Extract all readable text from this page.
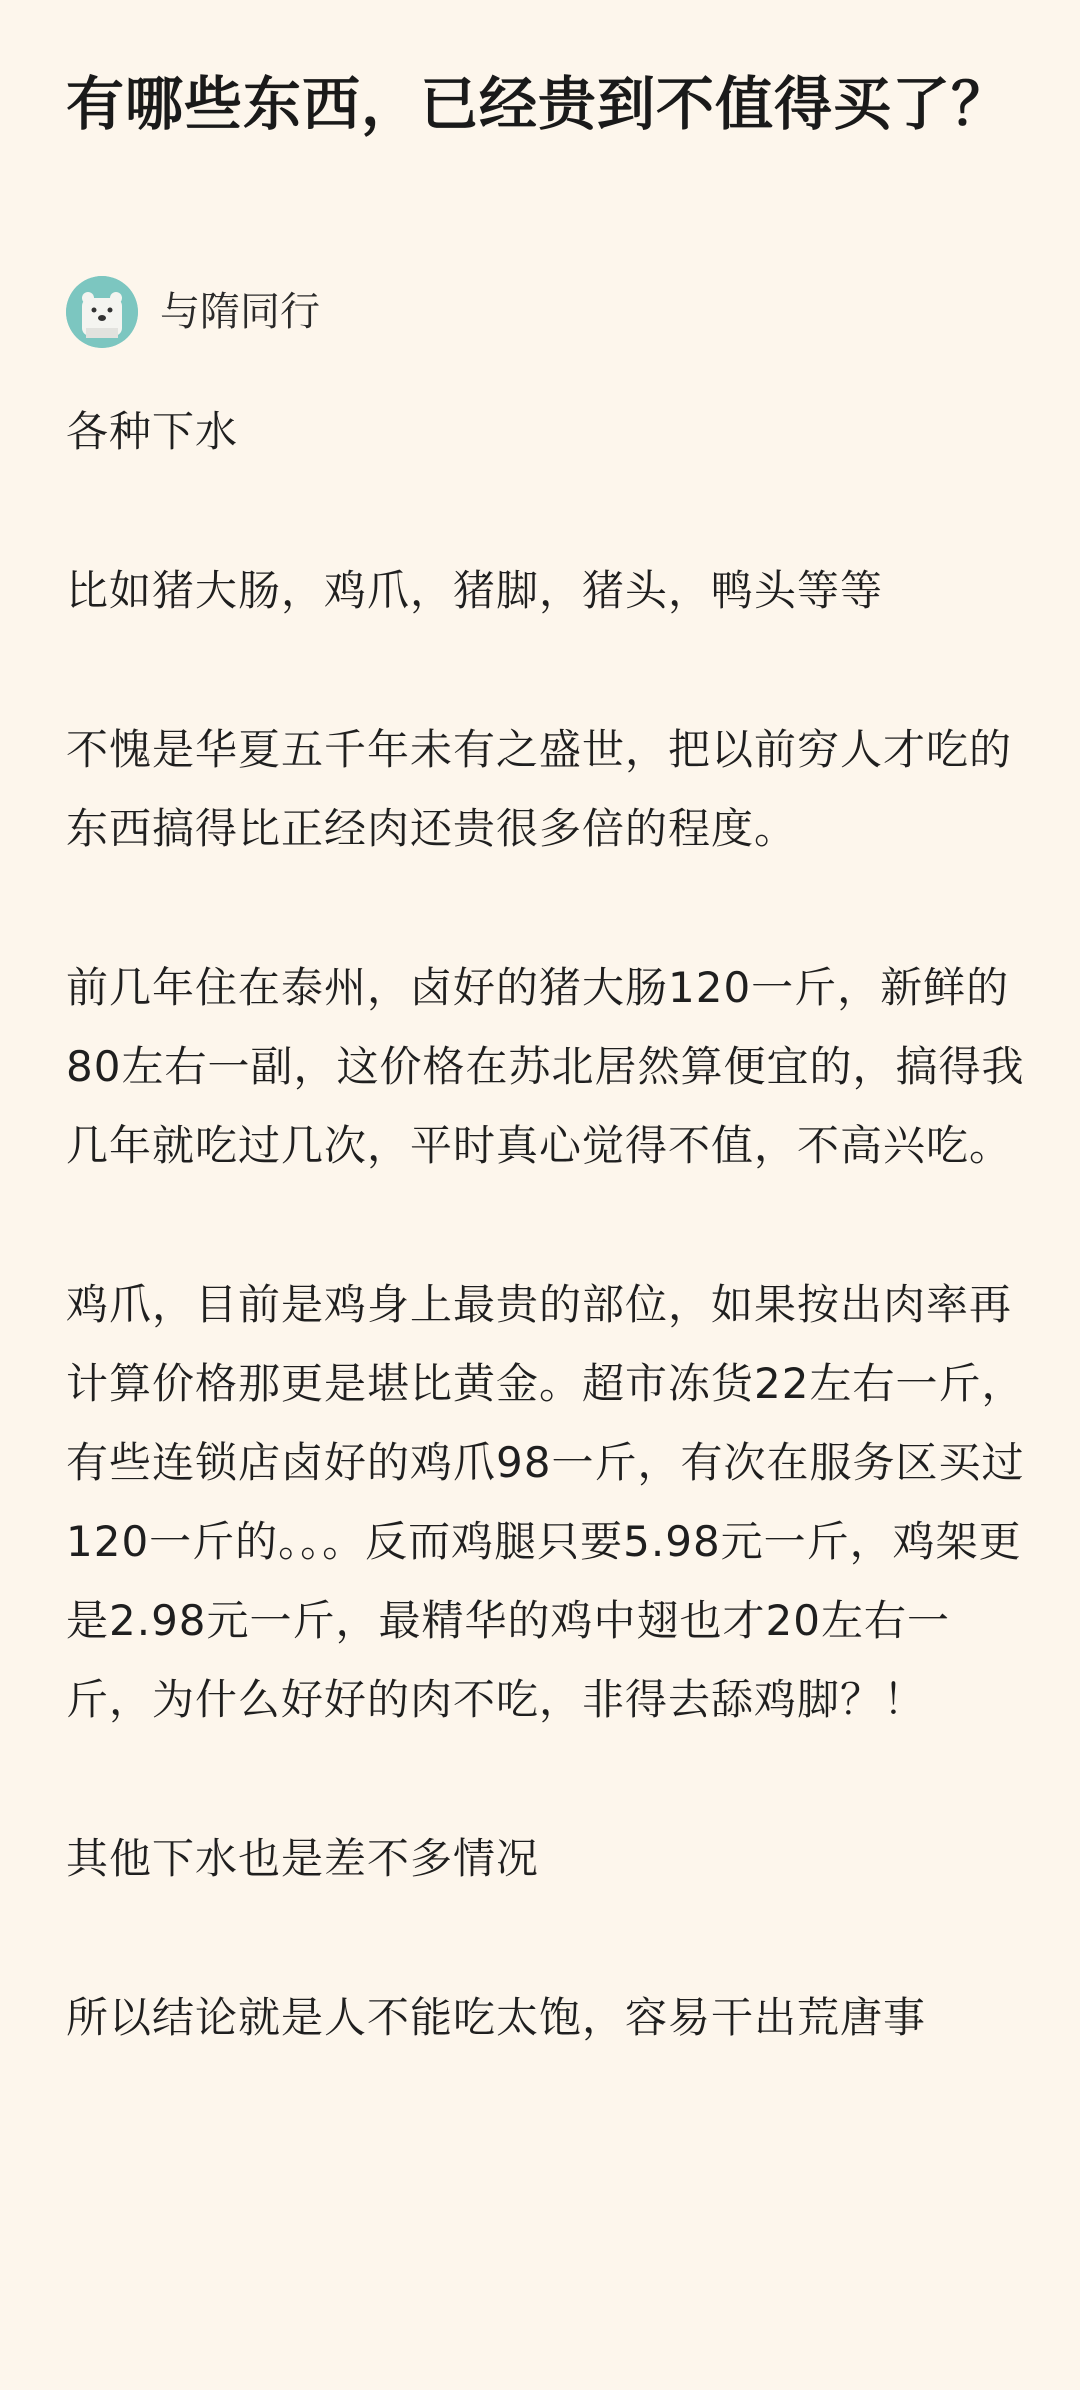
有哪些东西，已经贵到不值得买了？
与隋同行

各种下水

比如猪大肠，鸡爪，猪脚，猪头，鸭头等等

不愧是华夏五千年未有之盛世，把以前穷人才吃的东西搞得比正经肉还贵很多倍的程度。

前几年住在泰州，卤好的猪大肠120一斤，新鲜的80左右一副，这价格在苏北居然算便宜的，搞得我几年就吃过几次，平时真心觉得不值，不高兴吃。

鸡爪，目前是鸡身上最贵的部位，如果按出肉率再计算价格那更是堪比黄金。超市冻货22左右一斤，有些连锁店卤好的鸡爪98一斤，有次在服务区买过120一斤的。。。反而鸡腿只要5.98元一斤，鸡架更是2.98元一斤，最精华的鸡中翅也才20左右一斤，为什么好好的肉不吃，非得去舔鸡脚？！

其他下水也是差不多情况

所以结论就是人不能吃太饱，容易干出荒唐事
